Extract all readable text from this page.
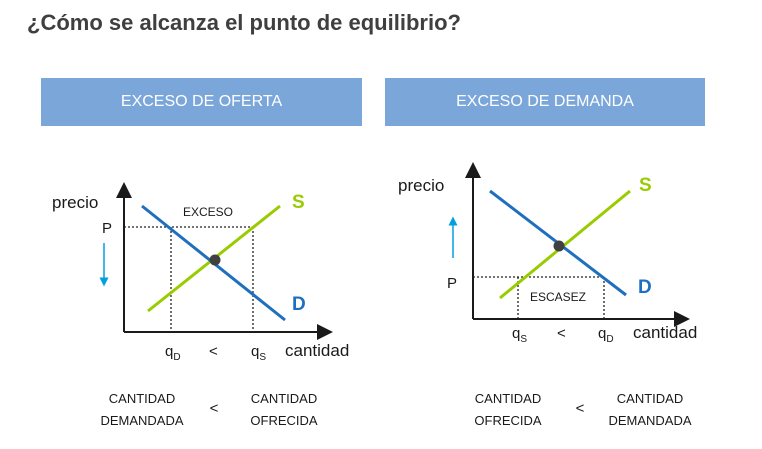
¿Cómo se alcanza el punto de equilibrio?
EXCESO DE OFERTA	EXCESO DE DEMANDA
precio
P
EXCESO	S
D
$q_D < q_S$ cantidad
precio
P
ESCASEZ
S
D
$q_S < q_D$ cantidad
CANTIDAD
DEMANDADA
<
CANTIDAD
OFRECIDA
CANTIDAD
OFRECIDA
<
CANTIDAD
DEMANDADA
